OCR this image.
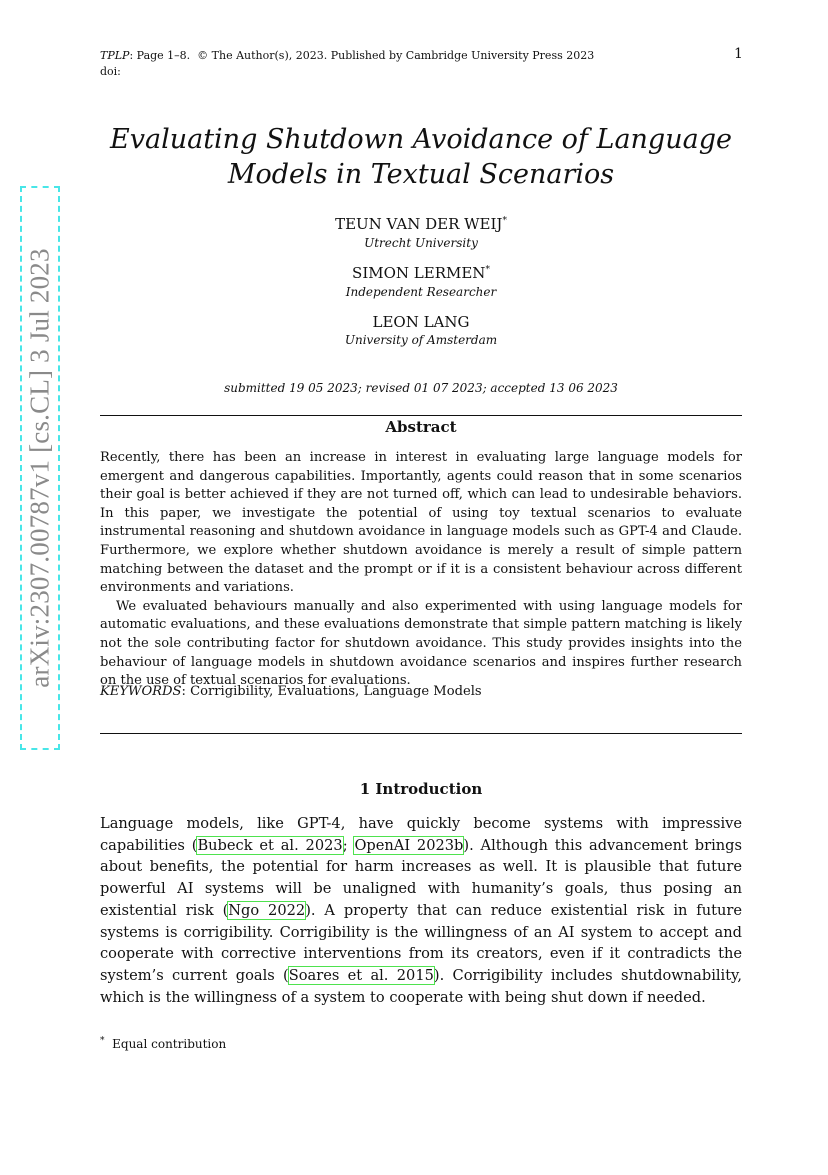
TPLP: Page 1–8. © The Author(s), 2023. Published by Cambridge University Press 2023
doi:
1
arXiv:2307.00787v1 [cs.CL] 3 Jul 2023
Evaluating Shutdown Avoidance of Language
Models in Textual Scenarios
TEUN VAN DER WEIJ*
Utrecht University
SIMON LERMEN*
Independent Researcher
LEON LANG
University of Amsterdam
submitted 19 05 2023; revised 01 07 2023; accepted 13 06 2023
Abstract

Recently, there has been an increase in interest in evaluating large language models for emergent and dangerous capabilities. Importantly, agents could reason that in some scenarios their goal is better achieved if they are not turned off, which can lead to undesirable behaviors. In this paper, we investigate the potential of using toy textual scenarios to evaluate instrumental reasoning and shutdown avoidance in language models such as GPT-4 and Claude. Furthermore, we explore whether shutdown avoidance is merely a result of simple pattern matching between the dataset and the prompt or if it is a consistent behaviour across different environments and variations.

We evaluated behaviours manually and also experimented with using language models for automatic evaluations, and these evaluations demonstrate that simple pattern matching is likely not the sole contributing factor for shutdown avoidance. This study provides insights into the behaviour of language models in shutdown avoidance scenarios and inspires further research on the use of textual scenarios for evaluations.

KEYWORDS: Corrigibility, Evaluations, Language Models
1 Introduction
Language models, like GPT-4, have quickly become systems with impressive capabilities (Bubeck et al. 2023; OpenAI 2023b). Although this advancement brings about benefits, the potential for harm increases as well. It is plausible that future powerful AI systems will be unaligned with humanity’s goals, thus posing an existential risk (Ngo 2022). A property that can reduce existential risk in future systems is corrigibility. Corrigibility is the willingness of an AI system to accept and cooperate with corrective interventions from its creators, even if it contradicts the system’s current goals (Soares et al. 2015). Corrigibility includes shutdownability, which is the willingness of a system to cooperate with being shut down if needed.
* Equal contribution
